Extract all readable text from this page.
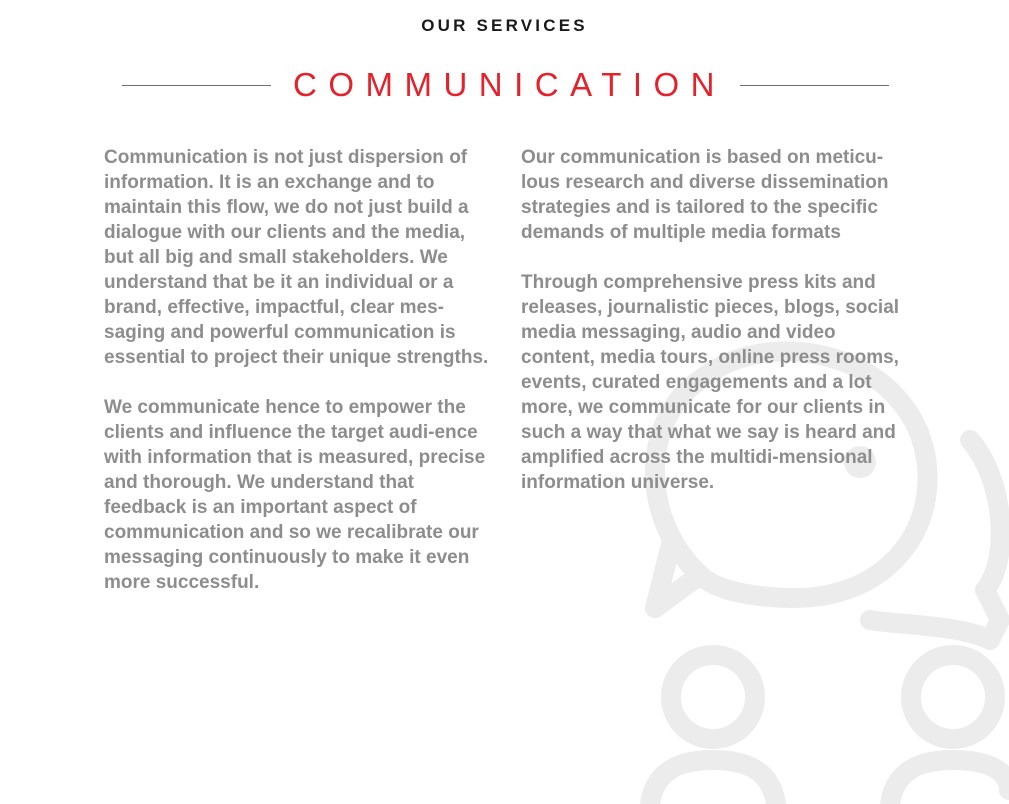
OUR SERVICES
COMMUNICATION

Communication is not just dispersion of information. It is an exchange and to maintain this flow, we do not just build a dialogue with our clients and the media, but all big and small stakeholders. We understand that be it an individual or a brand, effective, impactful, clear mes-saging and powerful communication is essential to project their unique strengths.

We communicate hence to empower the clients and influence the target audi-ence with information that is measured, precise and thorough. We understand that feedback is an important aspect of communication and so we recalibrate our messaging continuously to make it even more successful.

Our communication is based on meticu-lous research and diverse dissemination strategies and is tailored to the specific demands of multiple media formats

Through comprehensive press kits and releases, journalistic pieces, blogs, social media messaging, audio and video content, media tours, online press rooms, events, curated engagements and a lot more, we communicate for our clients in such a way that what we say is heard and amplified across the multidi-mensional information universe.
